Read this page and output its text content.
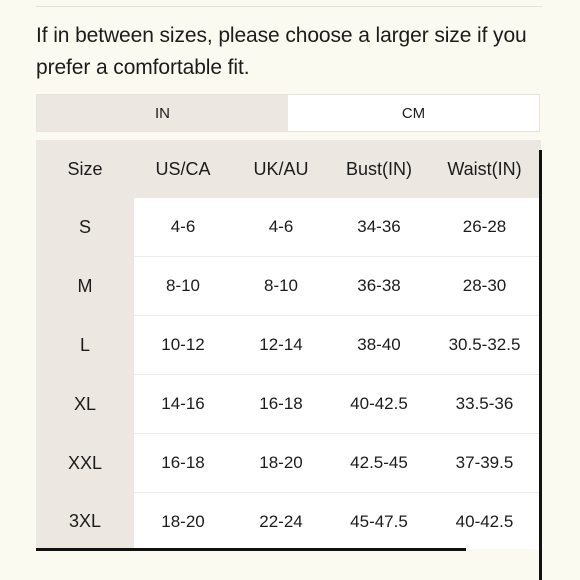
If in between sizes, please choose a larger size if you prefer a comfortable fit.
IN	CM
Size	US/CA	UK/AU	Bust(IN)	Waist(IN)
S	4-6	4-6	34-36	26-28
M	8-10	8-10	36-38	28-30
L	10-12	12-14	38-40	30.5-32.5
XL	14-16	16-18	40-42.5	33.5-36
XXL	16-18	18-20	42.5-45	37-39.5
3XL	18-20	22-24	45-47.5	40-42.5
